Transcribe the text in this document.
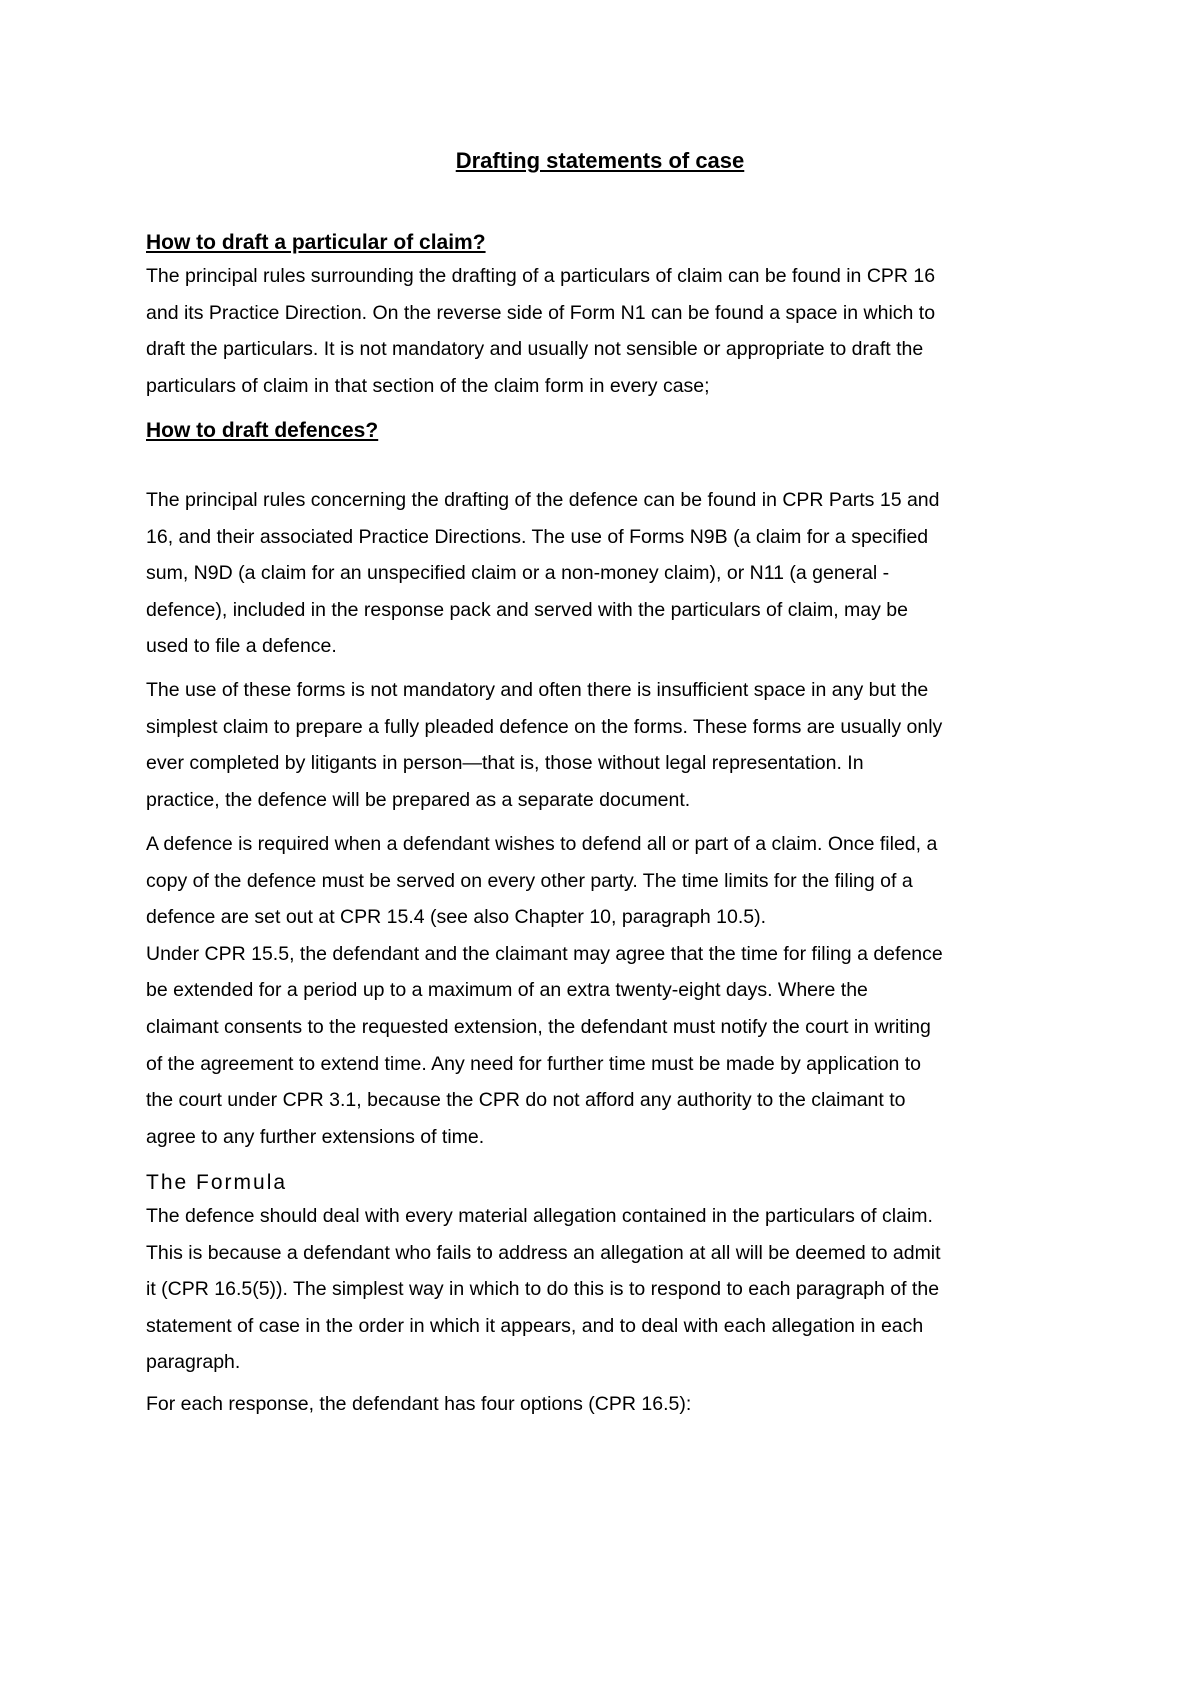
Drafting statements of case
How to draft a particular of claim?
The principal rules surrounding the drafting of a particulars of claim can be found in CPR 16
and its Practice Direction. On the reverse side of Form N1 can be found a space in which to
draft the particulars. It is not mandatory and usually not sensible or appropriate to draft the
particulars of claim in that section of the claim form in every case;
How to draft defences?
The principal rules concerning the drafting of the defence can be found in CPR Parts 15 and
16, and their associated Practice Directions. The use of Forms N9B (a claim for a specified
sum, N9D (a claim for an unspecified claim or a non-money claim), or N11 (a general -
defence), included in the response pack and served with the particulars of claim, may be
used to file a defence.
The use of these forms is not mandatory and often there is insufficient space in any but the
simplest claim to prepare a fully pleaded defence on the forms. These forms are usually only
ever completed by litigants in person—that is, those without legal representation. In
practice, the defence will be prepared as a separate document.
A defence is required when a defendant wishes to defend all or part of a claim. Once filed, a
copy of the defence must be served on every other party. The time limits for the filing of a
defence are set out at CPR 15.4 (see also Chapter 10, paragraph 10.5).
Under CPR 15.5, the defendant and the claimant may agree that the time for filing a defence
be extended for a period up to a maximum of an extra twenty-eight days. Where the
claimant consents to the requested extension, the defendant must notify the court in writing
of the agreement to extend time. Any need for further time must be made by application to
the court under CPR 3.1, because the CPR do not afford any authority to the claimant to
agree to any further extensions of time.
The Formula
The defence should deal with every material allegation contained in the particulars of claim.
This is because a defendant who fails to address an allegation at all will be deemed to admit
it (CPR 16.5(5)). The simplest way in which to do this is to respond to each paragraph of the
statement of case in the order in which it appears, and to deal with each allegation in each
paragraph.
For each response, the defendant has four options (CPR 16.5):
